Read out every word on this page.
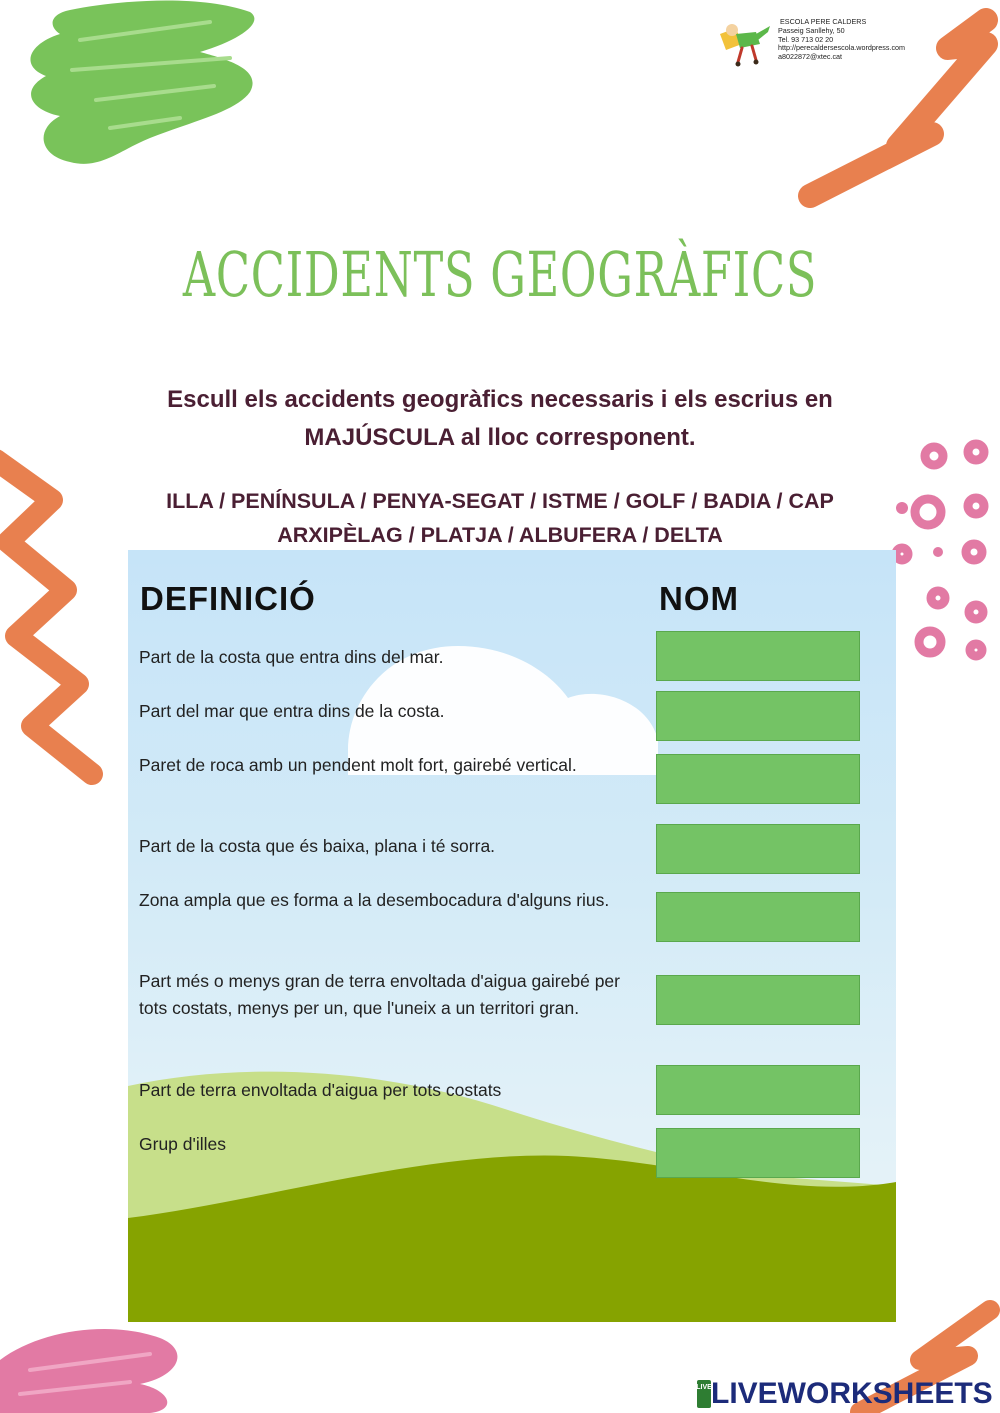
ESCOLA PERE CALDERS
Passeig Sanllehy, 50
Tel. 93 713 02 20
http://perecaldersescola.wordpress.com
a8022872@xtec.cat
ACCIDENTS GEOGRÀFICS
Escull els accidents geogràfics necessaris i els escrius en
MAJÚSCULA al lloc corresponent.
ILLA / PENÍNSULA / PENYA-SEGAT / ISTME / GOLF / BADIA / CAP
ARXIPÈLAG / PLATJA / ALBUFERA / DELTA
DEFINICIÓ	NOM
Part de la costa que entra dins del mar.
Part del mar que entra dins de la costa.
Paret de roca amb un pendent molt fort, gairebé vertical.
Part de la costa que és baixa, plana i té sorra.
Zona ampla que es forma a la desembocadura d'alguns rius.
Part més o menys gran de terra envoltada d'aigua gairebé per tots costats, menys per un, que l'uneix a un territori gran.
Part de terra envoltada d'aigua per tots costats
Grup d'illes
LIVE LIVEWORKSHEETS
